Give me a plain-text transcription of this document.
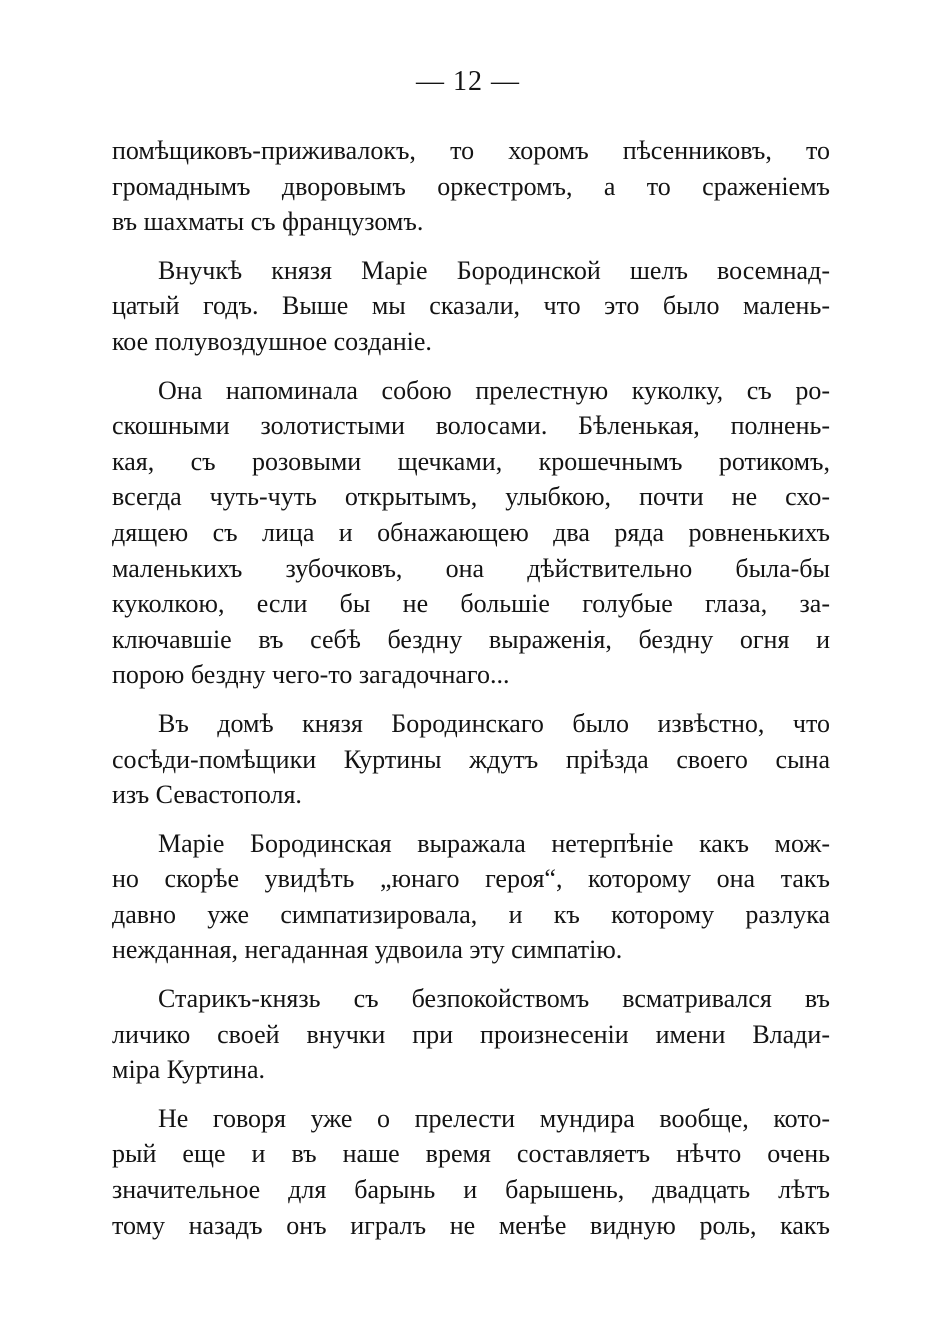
— 12 —
помѣщиковъ-приживалокъ, то хоромъ пѣсенниковъ, то
громаднымъ дворовымъ оркестромъ, а то сраженіемъ
въ шахматы съ французомъ.
Внучкѣ князя Марiе Бородинской шелъ восемнад-
цатый годъ. Выше мы сказали, что это было малень-
кое полувоздушное созданіе.
Она напоминала собою прелестную куколку, съ ро-
скошными золотистыми волосами. Бѣленькая, полнень-
кая, съ розовыми щечками, крошечнымъ ротикомъ,
всегда чуть-чуть открытымъ, улыбкою, почти не схо-
дящею съ лица и обнажающею два ряда ровненькихъ
маленькихъ зубочковъ, она дѣйствительно была-бы
куколкою, если бы не большіе голубые глаза, за-
ключавшіе въ себѣ бездну выраженія, бездну огня и
порою бездну чего-то загадочнаго...
Въ домѣ князя Бородинскаго было извѣстно, что
сосѣди-помѣщики Куртины ждутъ пріѣзда своего сына
изъ Севастополя.
Марiе Бородинская выражала нетерпѣніе какъ мож-
но скорѣе увидѣть „юнаго героя“, которому она такъ
давно уже симпатизировала, и къ которому разлука
нежданная, негаданная удвоила эту симпатію.
Старикъ-князь съ безпокойствомъ всматривался въ
личико своей внучки при произнесеніи имени Влади-
міра Куртина.
Не говоря уже о прелести мундира вообще, кото-
рый еще и въ наше время составляетъ нѣчто очень
значительное для барынь и барышень, двадцать лѣтъ
тому назадъ онъ игралъ не менѣе видную роль, какъ
